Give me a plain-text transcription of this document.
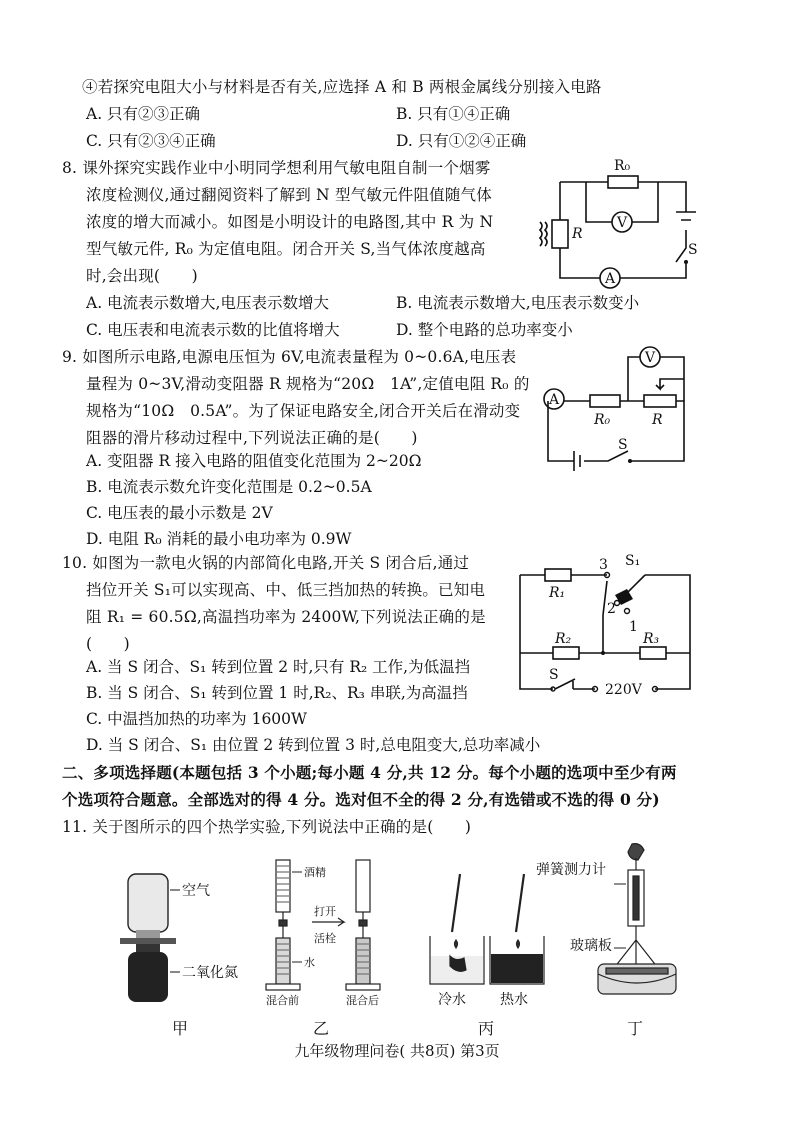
④若探究电阻大小与材料是否有关,应选择 A 和 B 两根金属线分别接入电路
A. 只有②③正确	B. 只有①④正确
C. 只有②③④正确	D. 只有①②④正确
8. 课外探究实践作业中小明同学想利用气敏电阻自制一个烟雾
浓度检测仪,通过翻阅资料了解到 N 型气敏元件阻值随气体
浓度的增大而减小。如图是小明设计的电路图,其中 R 为 N
型气敏元件, R₀ 为定值电阻。闭合开关 S,当气体浓度越高
时,会出现(　　)
A. 电流表示数增大,电压表示数增大	B. 电流表示数增大,电压表示数变小
C. 电压表和电流表示数的比值将增大	D. 整个电路的总功率变小
R₀
V
R
A
S
9. 如图所示电路,电源电压恒为 6V,电流表量程为 0~0.6A,电压表
量程为 0~3V,滑动变阻器 R 规格为“20Ω　1A”,定值电阻 R₀ 的
规格为“10Ω　0.5A”。为了保证电路安全,闭合开关后在滑动变
阻器的滑片移动过程中,下列说法正确的是(　　)
A. 变阻器 R 接入电路的阻值变化范围为 2~20Ω
B. 电流表示数允许变化范围是 0.2~0.5A
C. 电压表的最小示数是 2V
D. 电阻 R₀ 消耗的最小电功率为 0.9W
V
A
R₀	R
S
10. 如图为一款电火锅的内部简化电路,开关 S 闭合后,通过
挡位开关 S₁可以实现高、中、低三挡加热的转换。已知电
阻 R₁ = 60.5Ω,高温挡功率为 2400W,下列说法正确的是
(　　)
A. 当 S 闭合、S₁ 转到位置 2 时,只有 R₂ 工作,为低温挡
B. 当 S 闭合、S₁ 转到位置 1 时,R₂、R₃ 串联,为高温挡
C. 中温挡加热的功率为 1600W
D. 当 S 闭合、S₁ 由位置 2 转到位置 3 时,总电阻变大,总功率减小
3 S₁
R₁
2
1
R₂	R₃
S
220V
二、多项选择题(本题包括 3 个小题;每小题 4 分,共 12 分。每个小题的选项中至少有两
个选项符合题意。全部选对的得 4 分。选对但不全的得 2 分,有选错或不选的得 0 分)
11. 关于图所示的四个热学实验,下列说法中正确的是(　　)
空气
二氧化氮
甲
酒精
打开
活栓
水
混合前	混合后
乙
冷水 热水
丙
弹簧测力计
玻璃板
丁
九年级物理问卷( 共8页) 第3页
